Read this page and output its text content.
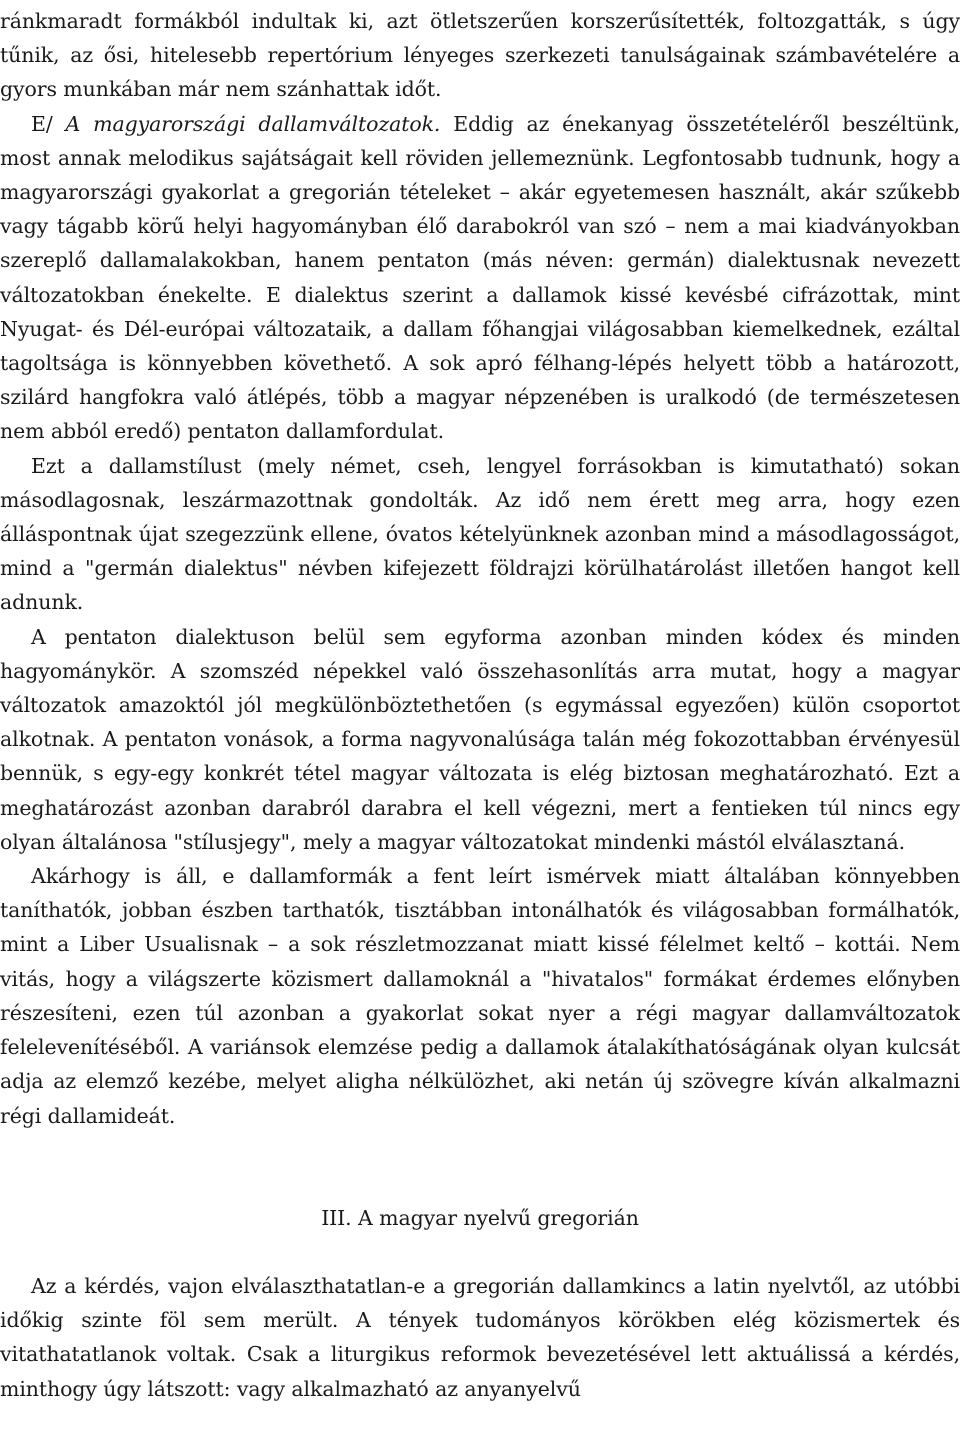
ránkmaradt formákból indultak ki, azt ötletszerűen korszerűsítették, foltozgatták, s úgy tűnik, az ősi, hitelesebb repertórium lényeges szerkezeti tanulságainak számbavételére a gyors munkában már nem szánhattak időt.

E/ A magyarországi dallamváltozatok. Eddig az énekanyag összetételéről beszéltünk, most annak melodikus sajátságait kell röviden jellemeznünk. Legfontosabb tudnunk, hogy a magyarországi gyakorlat a gregorián tételeket – akár egyetemesen használt, akár szűkebb vagy tágabb körű helyi hagyományban élő darabokról van szó – nem a mai kiadványokban szereplő dallamalakokban, hanem pentaton (más néven: germán) dialektusnak nevezett változatokban énekelte. E dialektus szerint a dallamok kissé kevésbé cifrázottak, mint Nyugat- és Dél-európai változataik, a dallam főhangjai világosabban kiemelkednek, ezáltal tagoltsága is könnyebben követhető. A sok apró félhang-lépés helyett több a határozott, szilárd hangfokra való átlépés, több a magyar népzenében is uralkodó (de természetesen nem abból eredő) pentaton dallamfordulat.

Ezt a dallamstílust (mely német, cseh, lengyel forrásokban is kimutatható) sokan másodlagosnak, leszármazottnak gondolták. Az idő nem érett meg arra, hogy ezen álláspontnak újat szegezzünk ellene, óvatos kételyünknek azonban mind a másodlagosságot, mind a "germán dialektus" névben kifejezett földrajzi körülhatárolást illetően hangot kell adnunk.

A pentaton dialektuson belül sem egyforma azonban minden kódex és minden hagyománykör. A szomszéd népekkel való összehasonlítás arra mutat, hogy a magyar változatok amazoktól jól megkülönböztethetően (s egymással egyezően) külön csoportot alkotnak. A pentaton vonások, a forma nagyvonalúsága talán még fokozottabban érvényesül bennük, s egy-egy konkrét tétel magyar változata is elég biztosan meghatározható. Ezt a meghatározást azonban darabról darabra el kell végezni, mert a fentieken túl nincs egy olyan általánosa "stílusjegy", mely a magyar változatokat mindenki mástól elválasztaná.

Akárhogy is áll, e dallamformák a fent leírt ismérvek miatt általában könnyebben taníthatók, jobban észben tarthatók, tisztábban intonálhatók és világosabban formálhatók, mint a Liber Usualisnak – a sok részletmozzanat miatt kissé félelmet keltő – kottái. Nem vitás, hogy a világszerte közismert dallamoknál a "hivatalos" formákat érdemes előnyben részesíteni, ezen túl azonban a gyakorlat sokat nyer a régi magyar dallamváltozatok felelevenítéséből. A variánsok elemzése pedig a dallamok átalakíthatóságának olyan kulcsát adja az elemző kezébe, melyet aligha nélkülözhet, aki netán új szövegre kíván alkalmazni régi dallamideát.

III. A magyar nyelvű gregorián

Az a kérdés, vajon elválaszthatatlan-e a gregorián dallamkincs a latin nyelvtől, az utóbbi időkig szinte föl sem merült. A tények tudományos körökben elég közismertek és vitathatatlanok voltak. Csak a liturgikus reformok bevezetésével lett aktuálissá a kérdés, minthogy úgy látszott: vagy alkalmazható az anyanyelvű
